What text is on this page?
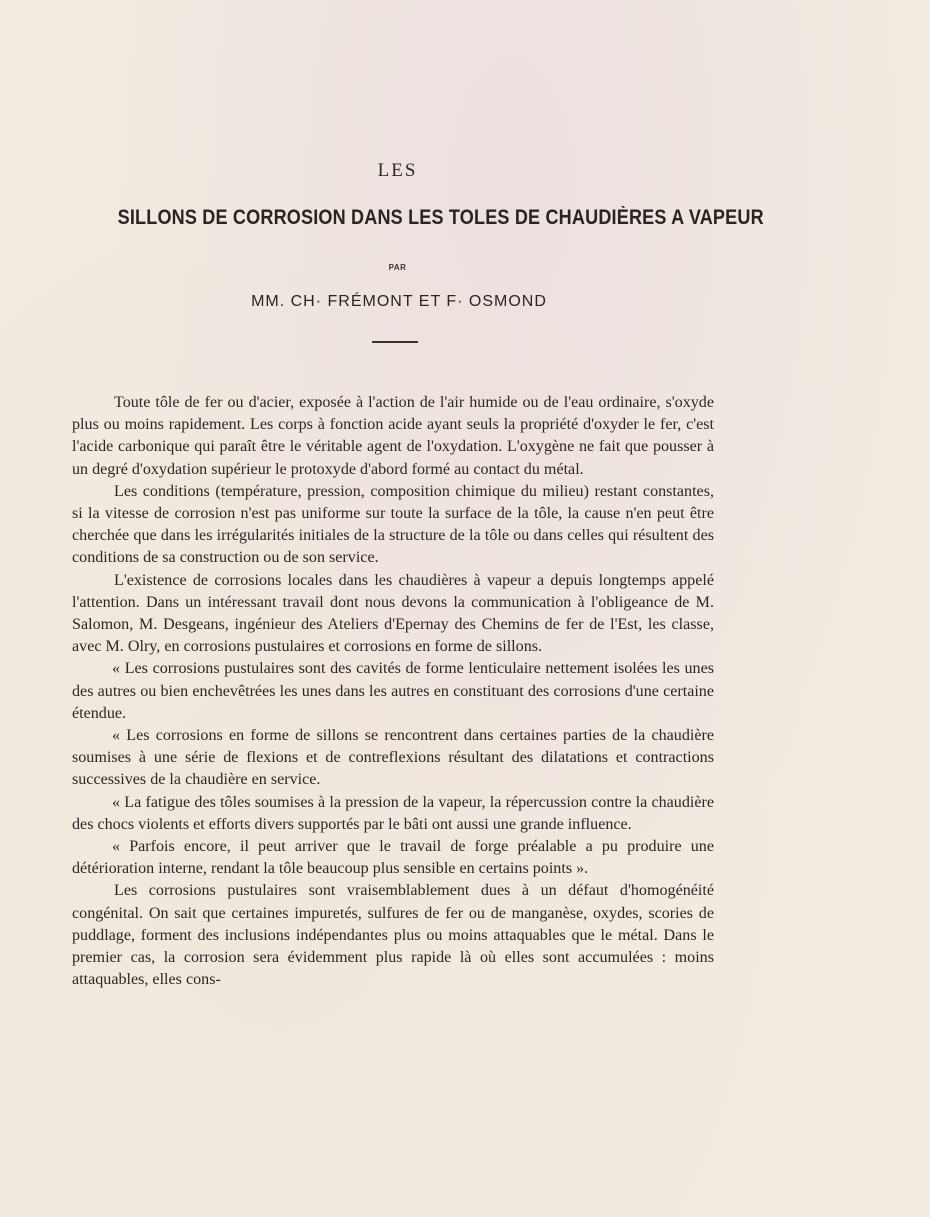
LES
SILLONS DE CORROSION DANS LES TOLES DE CHAUDIÈRES A VAPEUR
PAR
MM. CH· FRÉMONT ET F· OSMOND

Toute tôle de fer ou d'acier, exposée à l'action de l'air humide ou de l'eau ordinaire, s'oxyde plus ou moins rapidement. Les corps à fonction acide ayant seuls la propriété d'oxyder le fer, c'est l'acide carbonique qui paraît être le véritable agent de l'oxydation. L'oxygène ne fait que pousser à un degré d'oxydation supérieur le protoxyde d'abord formé au contact du métal.

Les conditions (température, pression, composition chimique du milieu) restant constantes, si la vitesse de corrosion n'est pas uniforme sur toute la surface de la tôle, la cause n'en peut être cherchée que dans les irrégularités initiales de la structure de la tôle ou dans celles qui résultent des conditions de sa construction ou de son service.

L'existence de corrosions locales dans les chaudières à vapeur a depuis longtemps appelé l'attention. Dans un intéressant travail dont nous devons la communication à l'obligeance de M. Salomon, M. Desgeans, ingénieur des Ateliers d'Epernay des Chemins de fer de l'Est, les classe, avec M. Olry, en corrosions pustulaires et corrosions en forme de sillons.

« Les corrosions pustulaires sont des cavités de forme lenticulaire nettement isolées les unes des autres ou bien enchevêtrées les unes dans les autres en constituant des corrosions d'une certaine étendue.

« Les corrosions en forme de sillons se rencontrent dans certaines parties de la chaudière soumises à une série de flexions et de contreflexions résultant des dilatations et contractions successives de la chaudière en service.

« La fatigue des tôles soumises à la pression de la vapeur, la répercussion contre la chaudière des chocs violents et efforts divers supportés par le bâti ont aussi une grande influence.

« Parfois encore, il peut arriver que le travail de forge préalable a pu produire une détérioration interne, rendant la tôle beaucoup plus sensible en certains points ».

Les corrosions pustulaires sont vraisemblablement dues à un défaut d'homogénéité congénital. On sait que certaines impuretés, sulfures de fer ou de manganèse, oxydes, scories de puddlage, forment des inclusions indépendantes plus ou moins attaquables que le métal. Dans le premier cas, la corrosion sera évidemment plus rapide là où elles sont accumulées : moins attaquables, elles cons-
